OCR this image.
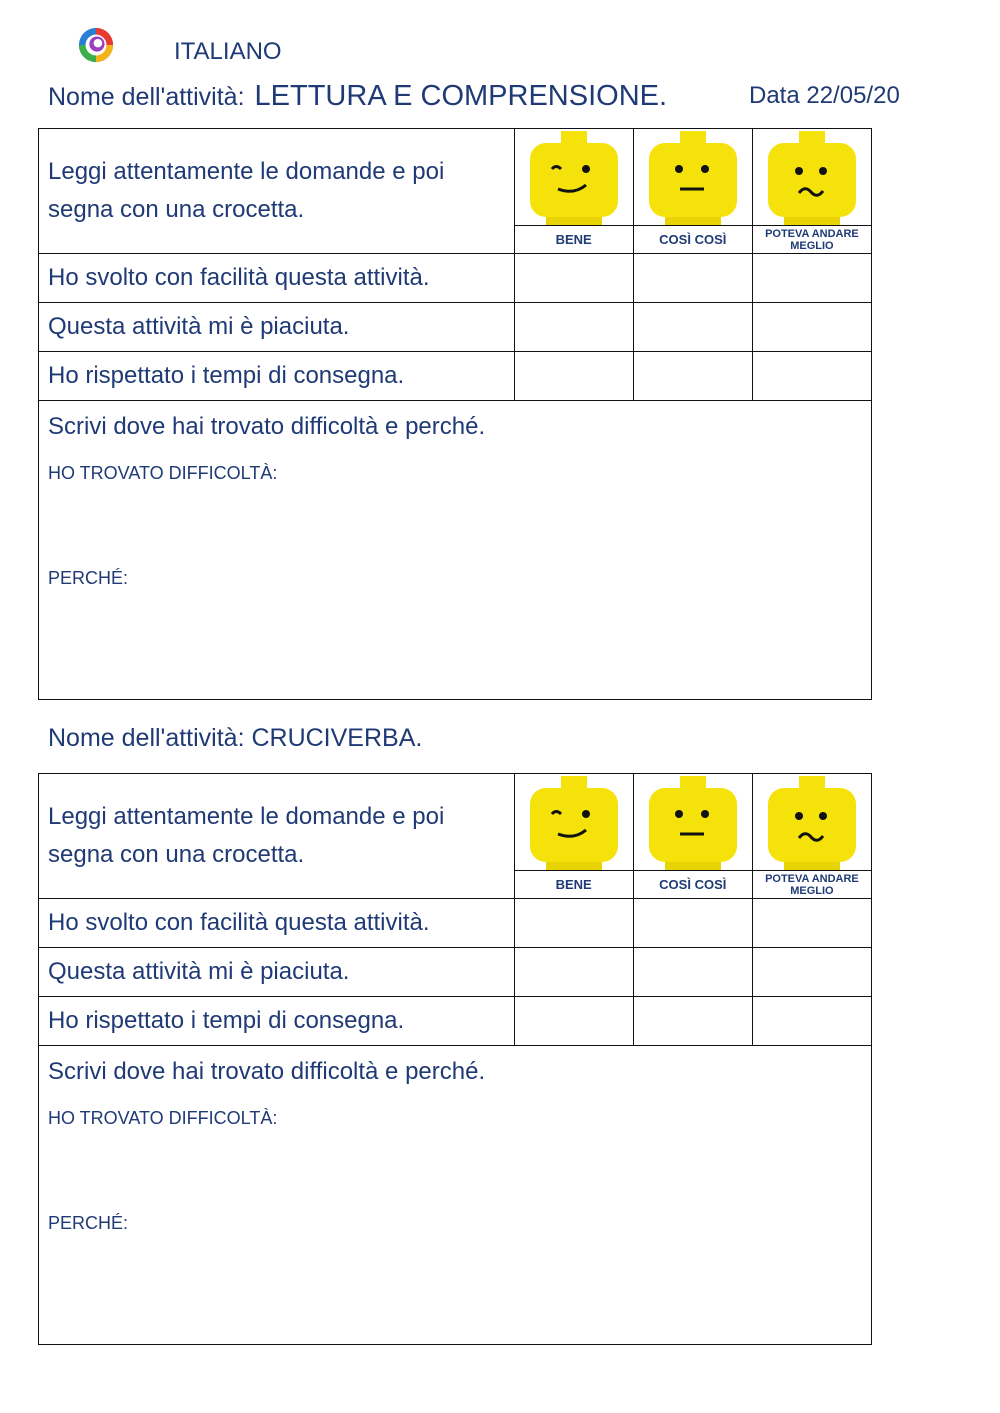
ITALIANO
Nome dell'attività: LETTURA E COMPRENSIONE.	Data 22/05/20
Leggi attentamente le domande e poi segna con una crocetta.	BENE	COSÌ COSÌ	POTEVA ANDARE MEGLIO

Ho svolto con facilità questa attività.			
Questa attività mi è piaciuta.			
Ho rispettato i tempi di consegna.			

Scrivi dove hai trovato difficoltà e perché.
HO TROVATO DIFFICOLTÀ:
PERCHÉ:			
Nome dell'attività: CRUCIVERBA.
Leggi attentamente le domande e poi segna con una crocetta.	BENE	COSÌ COSÌ	POTEVA ANDARE MEGLIO

Ho svolto con facilità questa attività.			
Questa attività mi è piaciuta.			
Ho rispettato i tempi di consegna.			

Scrivi dove hai trovato difficoltà e perché.
HO TROVATO DIFFICOLTÀ:
PERCHÉ:			
